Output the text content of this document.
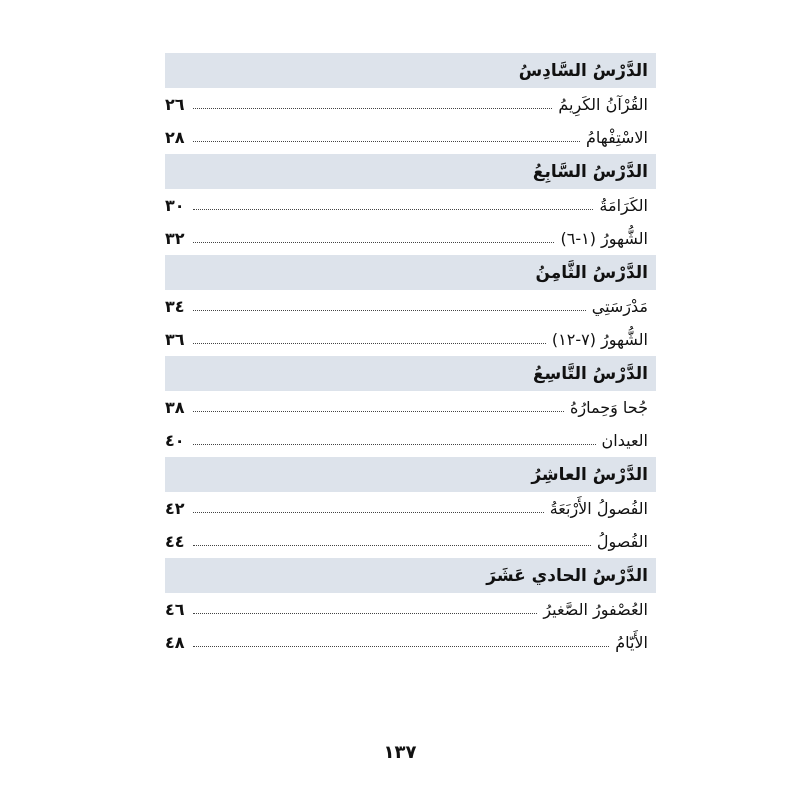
الدَّرْسُ السَّادِسُ
القُرْآنُ الكَرِيمُ
٢٦
الاسْتِفْهامُ
٢٨
الدَّرْسُ السَّابِعُ
الكَرَامَةُ
٣٠
الشُّهورُ (١-٦)
٣٢
الدَّرْسُ الثَّامِنُ
مَدْرَسَتِي
٣٤
الشُّهورُ (٧-١٢)
٣٦
الدَّرْسُ التَّاسِعُ
جُحا وَحِمارُهُ
٣٨
العيدان
٤٠
الدَّرْسُ العاشِرُ
الفُصولُ الأَرْبَعَةُ
٤٢
الفُصولُ
٤٤
الدَّرْسُ الحادي عَشَرَ
العُصْفورُ الصَّغيرُ
٤٦
الأَيّامُ
٤٨
١٣٧
